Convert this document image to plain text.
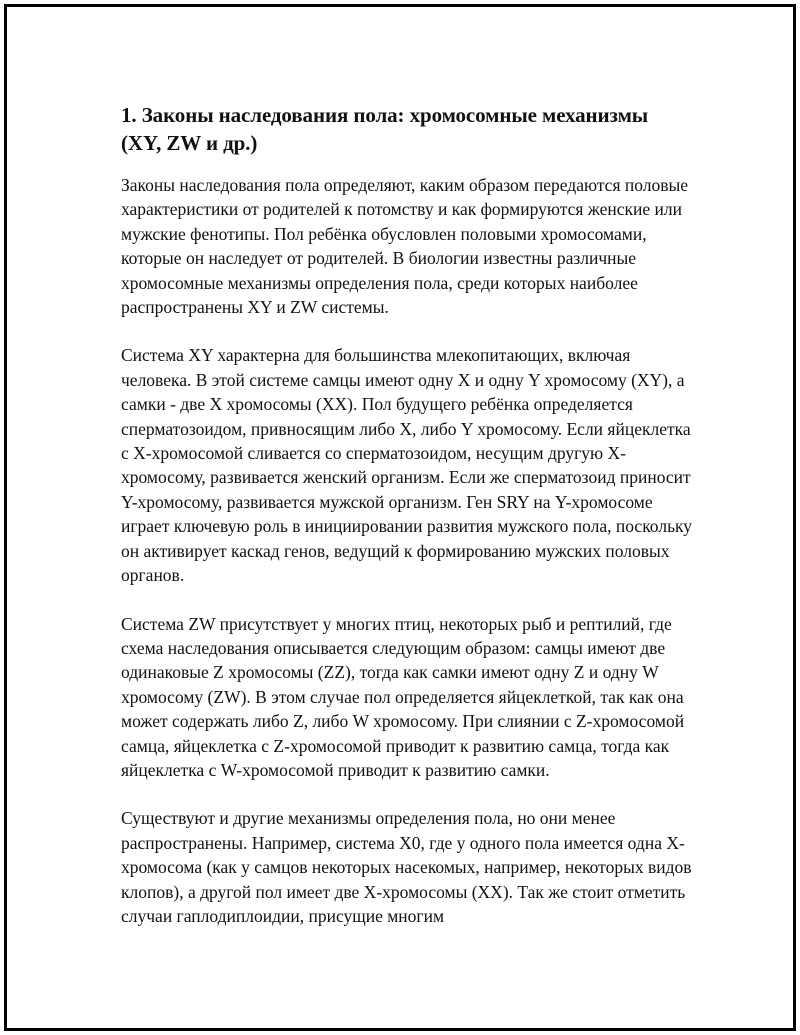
1. Законы наследования пола: хромосомные механизмы (XY, ZW и др.)

Законы наследования пола определяют, каким образом передаются половые характеристики от родителей к потомству и как формируются женские или мужские фенотипы. Пол ребёнка обусловлен половыми хромосомами, которые он наследует от родителей. В биологии известны различные хромосомные механизмы определения пола, среди которых наиболее распространены XY и ZW системы.

Система XY характерна для большинства млекопитающих, включая человека. В этой системе самцы имеют одну X и одну Y хромосому (XY), а самки - две X хромосомы (XX). Пол будущего ребёнка определяется сперматозоидом, привносящим либо X, либо Y хромосому. Если яйцеклетка с X-хромосомой сливается со сперматозоидом, несущим другую X-хромосому, развивается женский организм. Если же сперматозоид приносит Y-хромосому, развивается мужской организм. Ген SRY на Y-хромосоме играет ключевую роль в инициировании развития мужского пола, поскольку он активирует каскад генов, ведущий к формированию мужских половых органов.

Система ZW присутствует у многих птиц, некоторых рыб и рептилий, где схема наследования описывается следующим образом: самцы имеют две одинаковые Z хромосомы (ZZ), тогда как самки имеют одну Z и одну W хромосому (ZW). В этом случае пол определяется яйцеклеткой, так как она может содержать либо Z, либо W хромосому. При слиянии с Z-хромосомой самца, яйцеклетка с Z-хромосомой приводит к развитию самца, тогда как яйцеклетка с W-хромосомой приводит к развитию самки.

Существуют и другие механизмы определения пола, но они менее распространены. Например, система X0, где у одного пола имеется одна X-хромосома (как у самцов некоторых насекомых, например, некоторых видов клопов), а другой пол имеет две X-хромосомы (XX). Так же стоит отметить случаи гаплодиплоидии, присущие многим
